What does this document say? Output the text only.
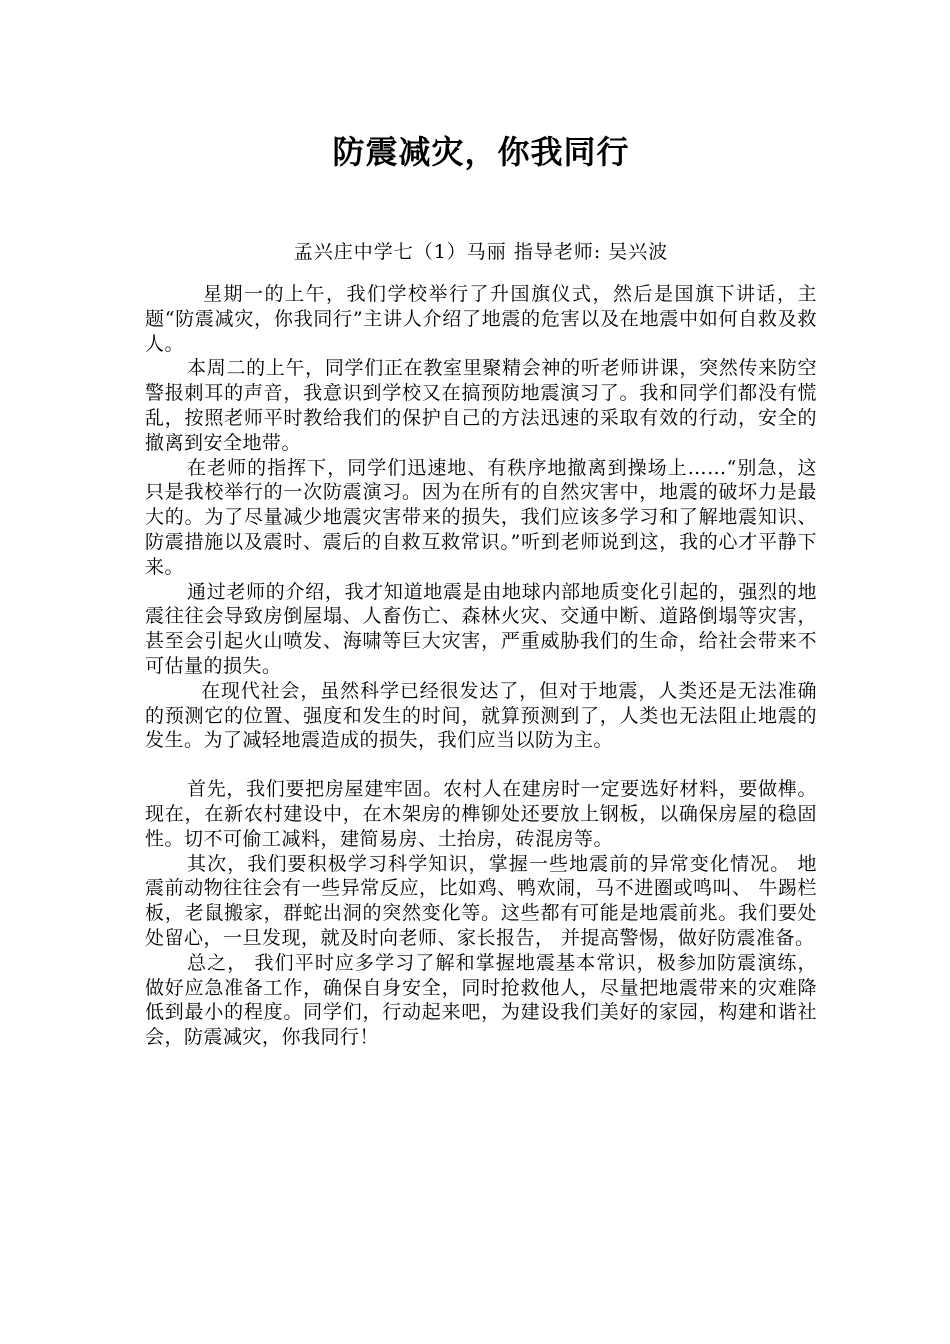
防震减灾，你我同行
孟兴庄中学七（1）马丽 指导老师: 吴兴波

星期一的上午，我们学校举行了升国旗仪式，然后是国旗下讲话，主题“防震减灾，你我同行”主讲人介绍了地震的危害以及在地震中如何自救及救人。

本周二的上午，同学们正在教室里聚精会神的听老师讲课，突然传来防空警报刺耳的声音，我意识到学校又在搞预防地震演习了。我和同学们都没有慌乱，按照老师平时教给我们的保护自己的方法迅速的采取有效的行动，安全的撤离到安全地带。

在老师的指挥下，同学们迅速地、有秩序地撤离到操场上……“别急，这只是我校举行的一次防震演习。因为在所有的自然灾害中，地震的破坏力是最大的。为了尽量减少地震灾害带来的损失，我们应该多学习和了解地震知识、防震措施以及震时、震后的自救互救常识。”听到老师说到这，我的心才平静下来。

通过老师的介绍，我才知道地震是由地球内部地质变化引起的，强烈的地震往往会导致房倒屋塌、人畜伤亡、森林火灾、交通中断、道路倒塌等灾害，甚至会引起火山喷发、海啸等巨大灾害，严重威胁我们的生命，给社会带来不可估量的损失。

在现代社会，虽然科学已经很发达了，但对于地震，人类还是无法准确的预测它的位置、强度和发生的时间，就算预测到了，人类也无法阻止地震的发生。为了减轻地震造成的损失，我们应当以防为主。

首先，我们要把房屋建牢固。农村人在建房时一定要选好材料，要做榫。现在，在新农村建设中，在木架房的榫铆处还要放上钢板，以确保房屋的稳固性。切不可偷工减料，建简易房、土抬房，砖混房等。

其次，我们要积极学习科学知识，掌握一些地震前的异常变化情况。 地震前动物往往会有一些异常反应，比如鸡、鸭欢闹，马不进圈或鸣叫、 牛踢栏板，老鼠搬家，群蛇出洞的突然变化等。这些都有可能是地震前兆。我们要处处留心，一旦发现，就及时向老师、家长报告， 并提高警惕，做好防震准备。

总之， 我们平时应多学习了解和掌握地震基本常识，极参加防震演练，做好应急准备工作，确保自身安全，同时抢救他人，尽量把地震带来的灾难降低到最小的程度。同学们，行动起来吧，为建设我们美好的家园，构建和谐社会，防震减灾，你我同行！
